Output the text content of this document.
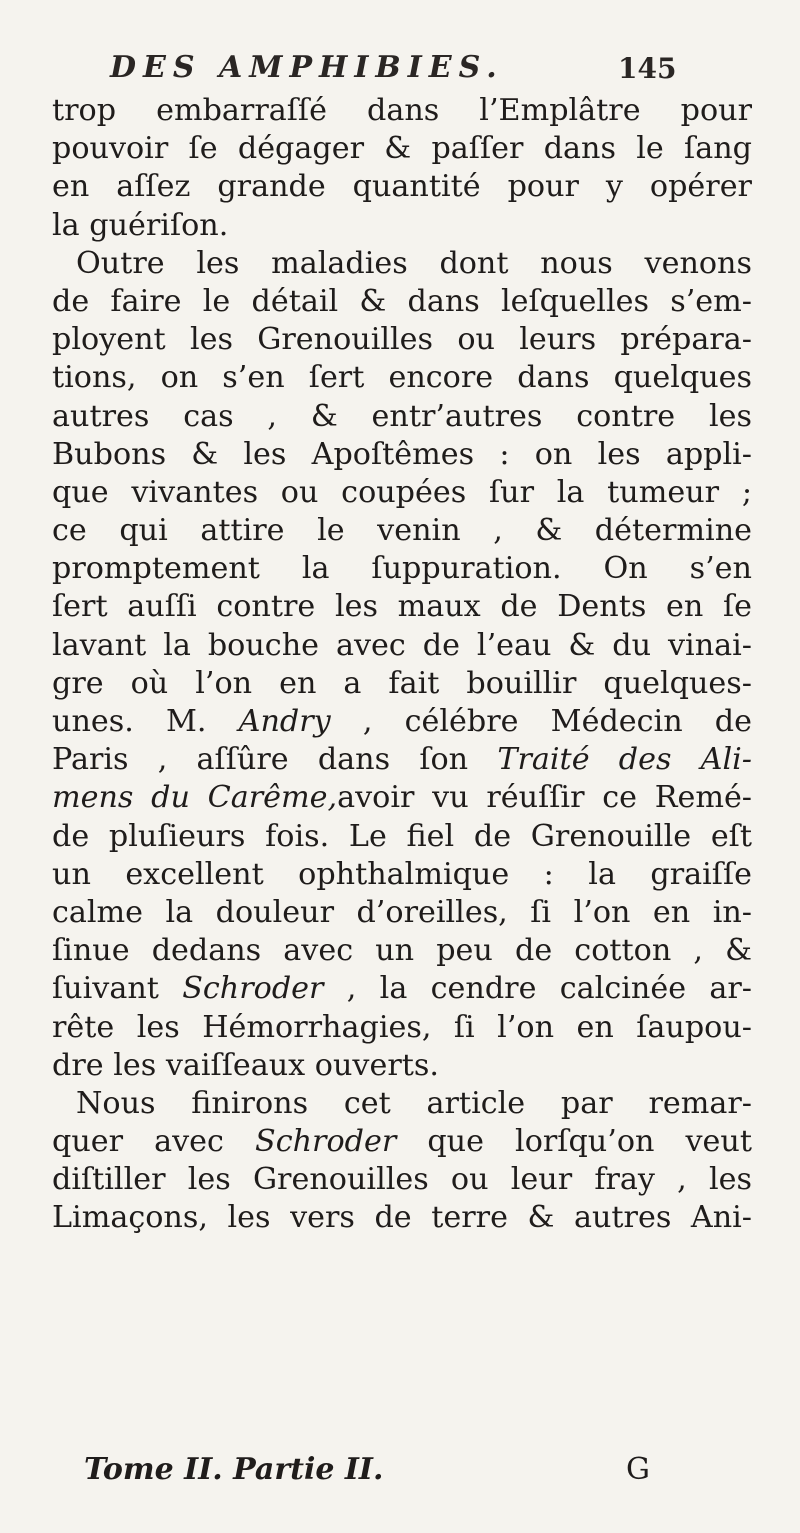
DES AMPHIBIES.	145
trop embarraſſé dans l’Emplâtre pour
pouvoir ſe dégager & paſſer dans le ſang
en aſſez grande quantité pour y opérer
la guériſon.
Outre les maladies dont nous venons
de faire le détail & dans leſquelles s’em-
ployent les Grenouilles ou leurs prépara-
tions, on s’en ſert encore dans quelques
autres cas , & entr’autres contre les
Bubons & les Apoſtêmes : on les appli-
que vivantes ou coupées ſur la tumeur ;
ce qui attire le venin , & détermine
promptement la ſuppuration. On s’en
ſert auſſi contre les maux de Dents en ſe
lavant la bouche avec de l’eau & du vinai-
gre où l’on en a fait bouillir quelques-
unes. M. Andry , célébre Médecin de
Paris , aſſûre dans ſon Traité des Ali-
mens du Carême,avoir vu réuſſir ce Remé-
de pluſieurs fois. Le fiel de Grenouille eſt
un excellent ophthalmique : la graiſſe
calme la douleur d’oreilles, ſi l’on en in-
ſinue dedans avec un peu de cotton , &
ſuivant Schroder , la cendre calcinée ar-
rête les Hémorrhagies, ſi l’on en ſaupou-
dre les vaiſſeaux ouverts.
Nous finirons cet article par remar-
quer avec Schroder que lorſqu’on veut
diſtiller les Grenouilles ou leur fray , les
Limaçons, les vers de terre & autres Ani-
Tome II. Partie II.	G
